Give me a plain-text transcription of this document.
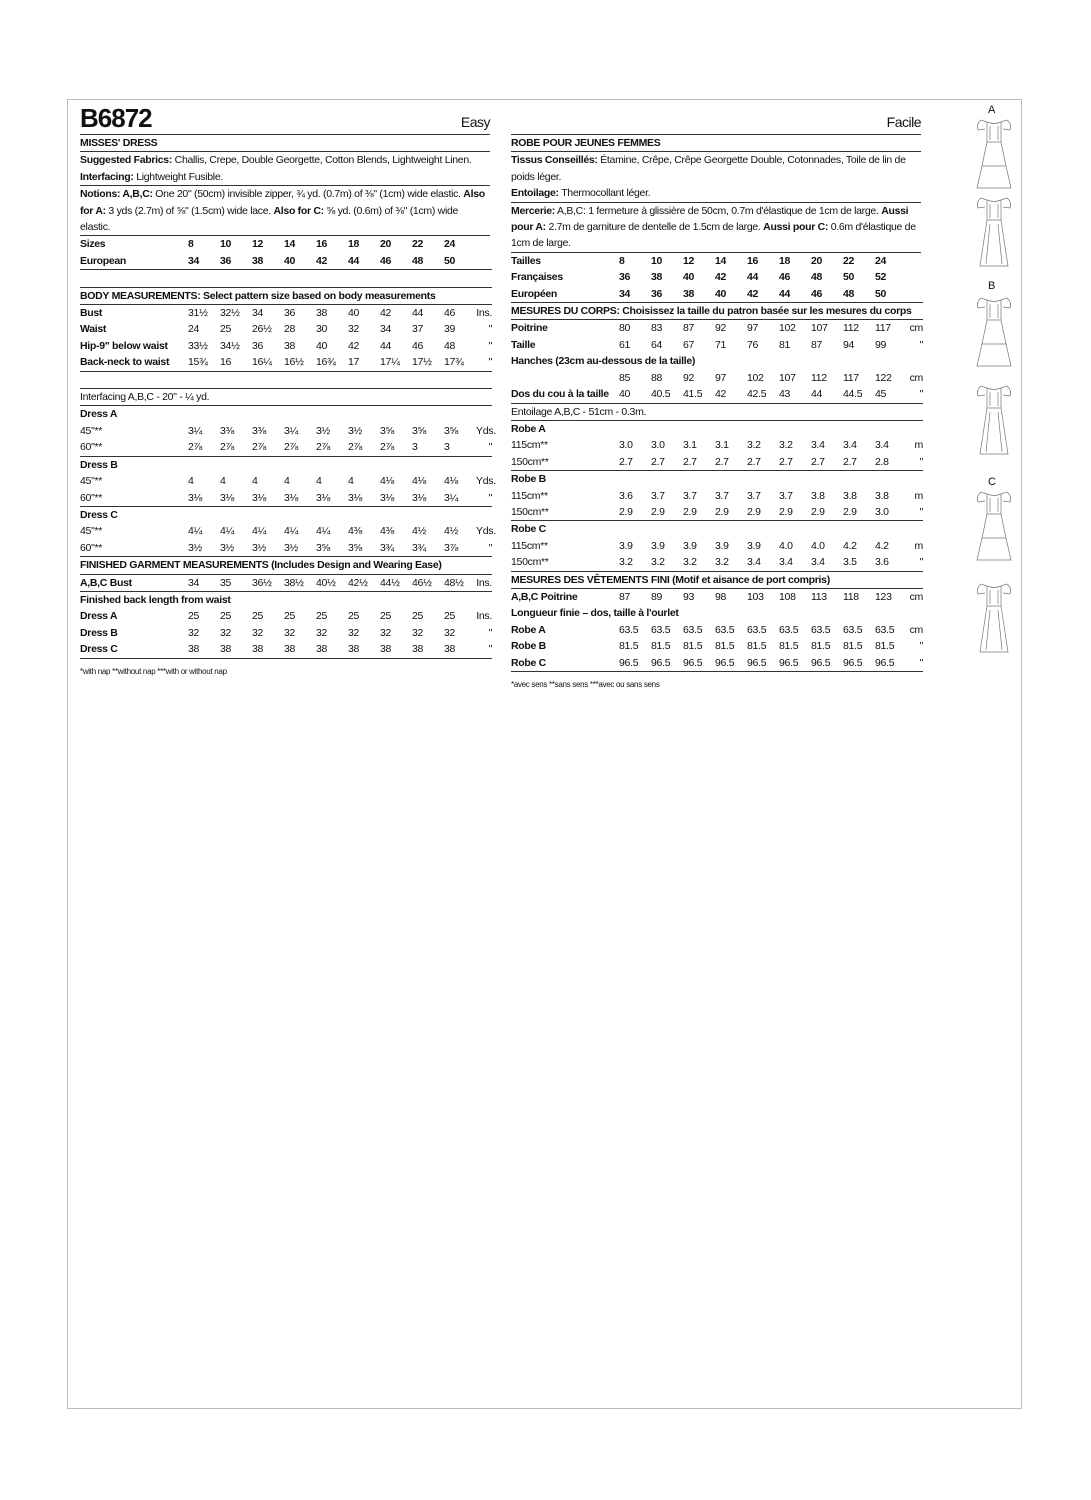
B6872	Easy
MISSES' DRESS
Suggested Fabrics: Challis, Crepe, Double Georgette, Cotton Blends, Lightweight Linen.
Interfacing: Lightweight Fusible.
Notions: A,B,C: One 20" (50cm) invisible zipper, ¾ yd. (0.7m) of ⅜" (1cm) wide elastic. Also for A: 3 yds (2.7m) of ⅝" (1.5cm) wide lace. Also for C: ⅝ yd. (0.6m) of ⅜" (1cm) wide elastic.
Sizes	8	10	12	14	16	18	20	22	24	
European	34	36	38	40	42	44	46	48	50	

BODY MEASUREMENTS: Select pattern size based on body measurements										
Bust	31½	32½	34	36	38	40	42	44	46	Ins.
Waist	24	25	26½	28	30	32	34	37	39	"
Hip-9" below waist	33½	34½	36	38	40	42	44	46	48	"
Back-neck to waist	15¾	16	16¼	16½	16¾	17	17¼	17½	17¾	"

Interfacing A,B,C - 20" - ¼ yd.										
Dress A										
45"**	3¼	3⅜	3⅜	3¼	3½	3½	3⅝	3⅝	3⅝	Yds.
60"**	2⅞	2⅞	2⅞	2⅞	2⅞	2⅞	2⅞	3	3	"
Dress B										
45"**	4	4	4	4	4	4	4⅛	4⅛	4⅛	Yds.
60"**	3⅛	3⅛	3⅛	3⅛	3⅛	3⅛	3⅛	3⅛	3¼	"
Dress C										
45"**	4¼	4¼	4¼	4¼	4¼	4⅜	4⅜	4½	4½	Yds.
60"**	3½	3½	3½	3½	3⅝	3⅝	3¾	3¾	3⅞	"
FINISHED GARMENT MEASUREMENTS (Includes Design and Wearing Ease)										
A,B,C Bust	34	35	36½	38½	40½	42½	44½	46½	48½	Ins.
Finished back length from waist										
Dress A	25	25	25	25	25	25	25	25	25	Ins.
Dress B	32	32	32	32	32	32	32	32	32	"
Dress C	38	38	38	38	38	38	38	38	38	"
*with nap **without nap ***with or without nap
Facile
ROBE POUR JEUNES FEMMES
Tissus Conseillés: Étamine, Crêpe, Crêpe Georgette Double, Cotonnades, Toile de lin de poids léger.
Entoilage: Thermocollant léger.
Mercerie: A,B,C: 1 fermeture à glissière de 50cm, 0.7m d'élastique de 1cm de large. Aussi pour A: 2.7m de garniture de dentelle de 1.5cm de large. Aussi pour C: 0.6m d'élastique de 1cm de large.
Tailles	8	10	12	14	16	18	20	22	24	
Françaises	36	38	40	42	44	46	48	50	52	
Européen	34	36	38	40	42	44	46	48	50	
MESURES DU CORPS: Choisissez la taille du patron basée sur les mesures du corps										
Poitrine	80	83	87	92	97	102	107	112	117	cm
Taille	61	64	67	71	76	81	87	94	99	"
Hanches (23cm au-dessous de la taille)										
	85	88	92	97	102	107	112	117	122	cm
Dos du cou à la taille	40	40.5	41.5	42	42.5	43	44	44.5	45	"
Entoilage A,B,C - 51cm - 0.3m.										
Robe A										
115cm**	3.0	3.0	3.1	3.1	3.2	3.2	3.4	3.4	3.4	m
150cm**	2.7	2.7	2.7	2.7	2.7	2.7	2.7	2.7	2.8	"
Robe B										
115cm**	3.6	3.7	3.7	3.7	3.7	3.7	3.8	3.8	3.8	m
150cm**	2.9	2.9	2.9	2.9	2.9	2.9	2.9	2.9	3.0	"
Robe C										
115cm**	3.9	3.9	3.9	3.9	3.9	4.0	4.0	4.2	4.2	m
150cm**	3.2	3.2	3.2	3.2	3.4	3.4	3.4	3.5	3.6	"
MESURES DES VÊTEMENTS FINI (Motif et aisance de port compris)										
A,B,C Poitrine	87	89	93	98	103	108	113	118	123	cm
Longueur finie – dos, taille à l'ourlet										
Robe A	63.5	63.5	63.5	63.5	63.5	63.5	63.5	63.5	63.5	cm
Robe B	81.5	81.5	81.5	81.5	81.5	81.5	81.5	81.5	81.5	"
Robe C	96.5	96.5	96.5	96.5	96.5	96.5	96.5	96.5	96.5	"
*avec sens **sans sens ***avec ou sans sens
A
B
C
